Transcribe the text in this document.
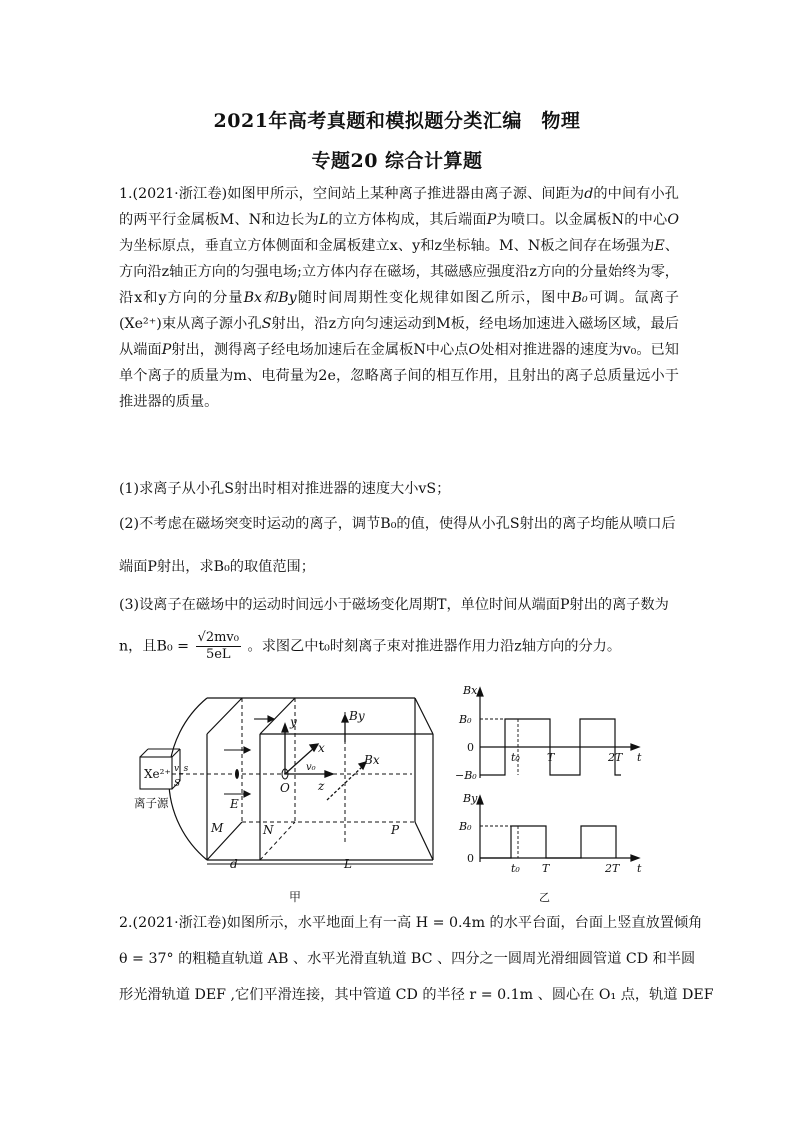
2021年高考真题和模拟题分类汇编　物理
专题20 综合计算题
1.(2021·浙江卷)如图甲所示，空间站上某种离子推进器由离子源、间距为d的中间有小孔的两平行金属板M、N和边长为L的立方体构成，其后端面P为喷口。以金属板N的中心O为坐标原点，垂直立方体侧面和金属板建立x、y和z坐标轴。M、N板之间存在场强为E、方向沿z轴正方向的匀强电场;立方体内存在磁场，其磁感应强度沿z方向的分量始终为零，沿x和y方向的分量Bx和By随时间周期性变化规律如图乙所示，图中B₀可调。氙离子(Xe²⁺)束从离子源小孔S射出，沿z方向匀速运动到M板，经电场加速进入磁场区域，最后从端面P射出，测得离子经电场加速后在金属板N中心点O处相对推进器的速度为v₀。已知单个离子的质量为m、电荷量为2e，忽略离子间的相互作用，且射出的离子总质量远小于推进器的质量。
(1)求离子从小孔S射出时相对推进器的速度大小vS；
(2)不考虑在磁场突变时运动的离子，调节B₀的值，使得从小孔S射出的离子均能从喷口后
端面P射出，求B₀的取值范围；
(3)设离子在磁场中的运动时间远小于磁场变化周期T，单位时间从端面P射出的离子数为
n，且$B_0 = \frac{\text{√2mv₀}}{5eL}$ 。求图乙中t₀时刻离子束对推进器作用力沿z轴方向的分力。
Xe²⁺ v_s
S
离子源
y
x
v₀
z
O
By
Bx
E
M	N	P
d	L
甲
Bx
B₀
0
−B₀
t₀ T	2T t
By
B₀
0
t₀ T	2T t
乙
2.(2021·浙江卷)如图所示，水平地面上有一高 H = 0.4m 的水平台面，台面上竖直放置倾角
θ = 37° 的粗糙直轨道 AB 、水平光滑直轨道 BC 、四分之一圆周光滑细圆管道 CD 和半圆
形光滑轨道 DEF ,它们平滑连接，其中管道 CD 的半径 r = 0.1m 、圆心在 O₁ 点，轨道 DEF
